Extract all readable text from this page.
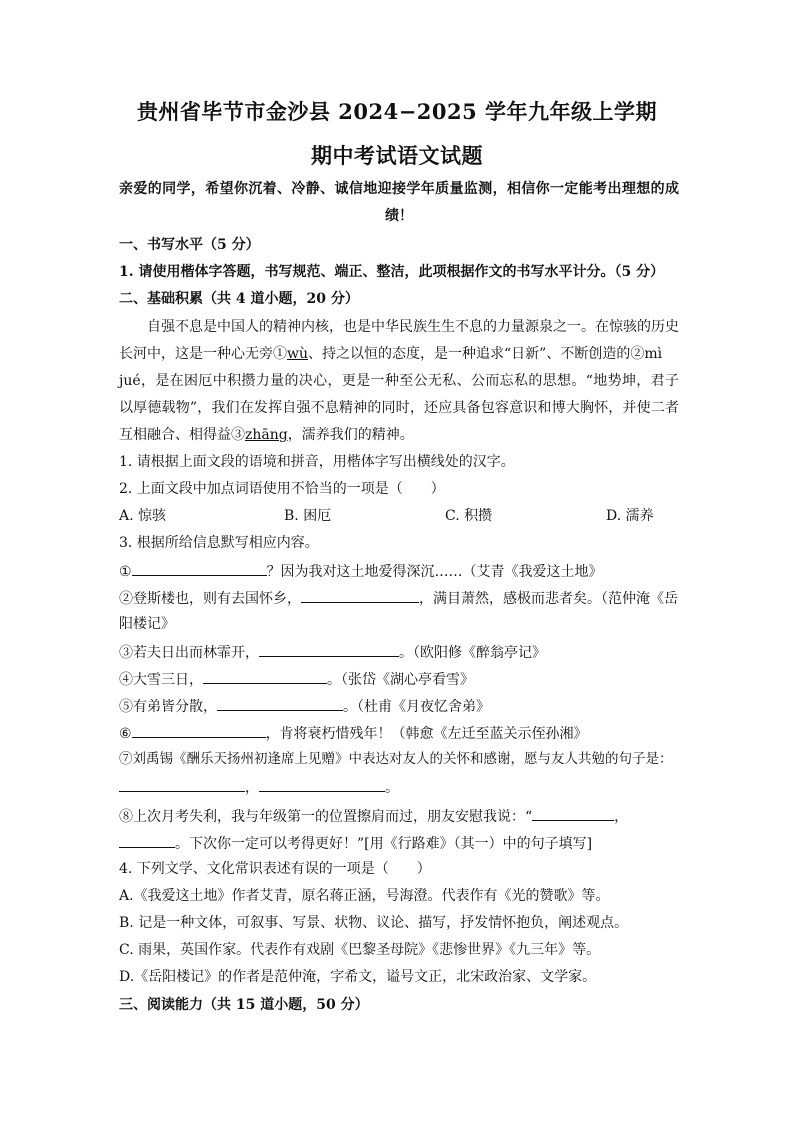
贵州省毕节市金沙县 2024−2025 学年九年级上学期
期中考试语文试题
亲爱的同学，希望你沉着、冷静、诚信地迎接学年质量监测，相信你一定能考出理想的成
绩！
一、书写水平（5 分）
1. 请使用楷体字答题，书写规范、端正、整洁，此项根据作文的书写水平计分。（5 分）
二、基础积累（共 4 道小题，20 分）
自强不息是中国人的精神内核，也是中华民族生生不息的力量源泉之一。在惊骇的历史
长河中，这是一种心无旁①wù、持之以恒的态度，是一种追求“日新”、不断创造的②mì
jué，是在困厄中积攒力量的决心，更是一种至公无私、公而忘私的思想。“地势坤，君子
以厚德载物”，我们在发挥自强不息精神的同时，还应具备包容意识和博大胸怀，并使二者
互相融合、相得益③zhāng，濡养我们的精神。
1. 请根据上面文段的语境和拼音，用楷体字写出横线处的汉字。
2. 上面文段中加点词语使用不恰当的一项是（　　）
A. 惊骇	B. 困厄	C. 积攒	D. 濡养
3. 根据所给信息默写相应内容。
①	？因为我对这土地爱得深沉……（艾青《我爱这土地》
②登斯楼也，则有去国怀乡，	，满目萧然，感极而悲者矣。（范仲淹《岳
阳楼记》
③若夫日出而林霏开，	。（欧阳修《醉翁亭记》
④大雪三日，	。（张岱《湖心亭看雪》
⑤有弟皆分散，	。（杜甫《月夜忆舍弟》
⑥	，肯将衰朽惜残年！（韩愈《左迁至蓝关示侄孙湘》
⑦刘禹锡《酬乐天扬州初逢席上见赠》中表达对友人的关怀和感谢，愿与友人共勉的句子是：
，	。
⑧上次月考失利，我与年级第一的位置擦肩而过，朋友安慰我说：“	，
。下次你一定可以考得更好！”[用《行路难》（其一）中的句子填写]
4. 下列文学、文化常识表述有误的一项是（　　）
A.《我爱这土地》作者艾青，原名蒋正涵，号海澄。代表作有《光的赞歌》等。
B. 记是一种文体，可叙事、写景、状物、议论、描写，抒发情怀抱负，阐述观点。
C. 雨果，英国作家。代表作有戏剧《巴黎圣母院》《悲惨世界》《九三年》等。
D.《岳阳楼记》的作者是范仲淹，字希文，谥号文正，北宋政治家、文学家。
三、阅读能力（共 15 道小题，50 分）
